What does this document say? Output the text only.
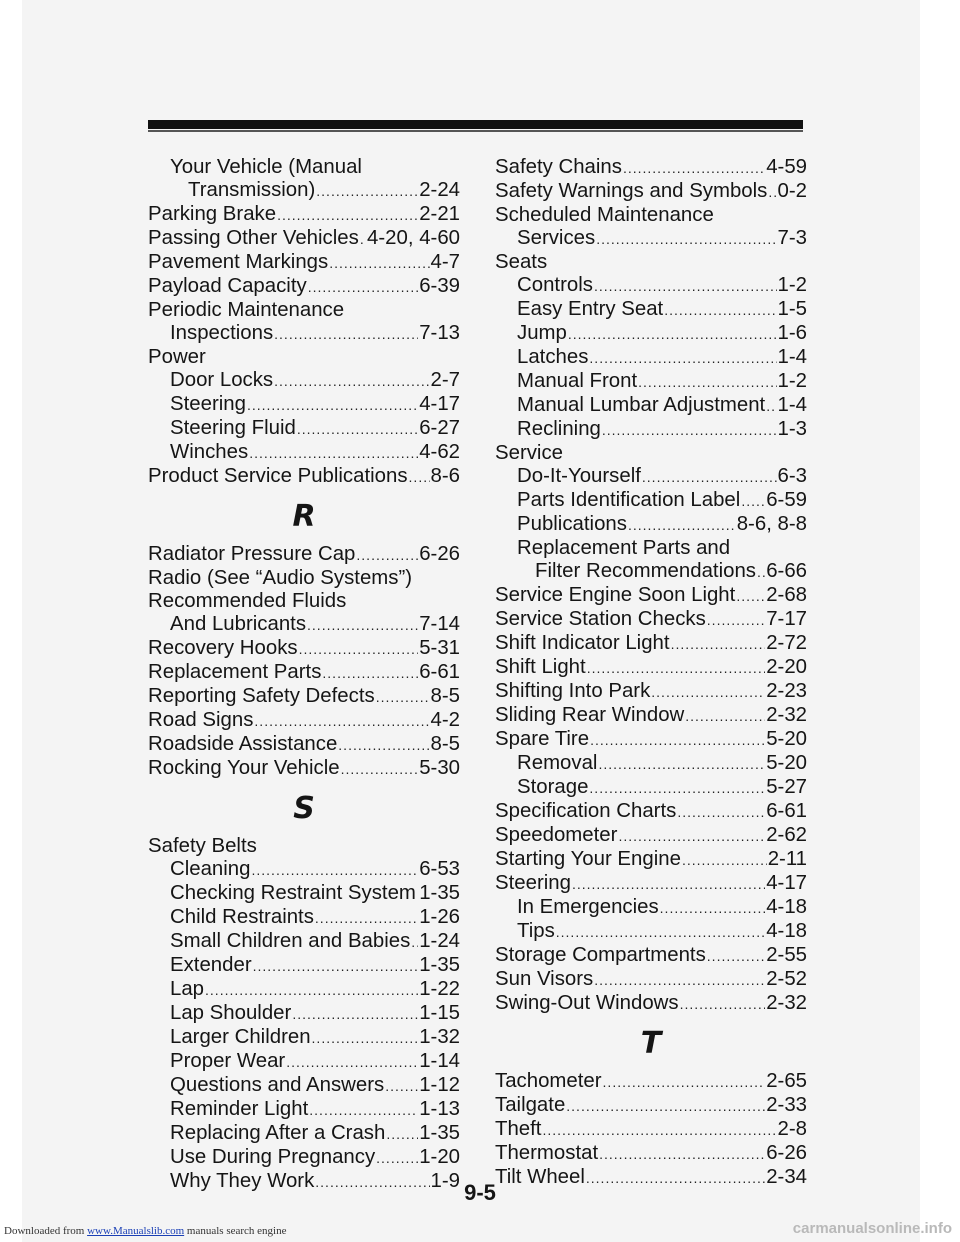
Your Vehicle (Manual
Transmission) .....	2-24
Parking Brake .....	2-21
Passing Other Vehicles ..... 4-20, 4-60
Pavement Markings .....	4-7
Payload Capacity .....	6-39
Periodic Maintenance
Inspections .....	7-13
Power
Door Locks .....	2-7
Steering .....	4-17
Steering Fluid .....	6-27
Winches .....	4-62
Product Service Publications ..... 8-6
R
Radiator Pressure Cap .....	6-26
Radio (See “Audio Systems”)
Recommended Fluids
And Lubricants .....	7-14
Recovery Hooks .....	5-31
Replacement Parts .....	6-61
Reporting Safety Defects .....	8-5
Road Signs .....	4-2
Roadside Assistance .....	8-5
Rocking Your Vehicle .....	5-30
S
Safety Belts
Cleaning .....	6-53
Checking Restraint System ..... 1-35
Child Restraints .....	1-26
Small Children and Babies ..... 1-24
Extender .....	1-35
Lap .....	1-22
Lap Shoulder .....	1-15
Larger Children .....	1-32
Proper Wear .....	1-14
Questions and Answers ..... 1-12
Reminder Light .....	1-13
Replacing After a Crash ..... 1-35
Use During Pregnancy ..... 1-20
Why They Work .....	1-9
Safety Chains .....	4-59
Safety Warnings and Symbols ..... 0-2
Scheduled Maintenance
Services .....	7-3
Seats
Controls .....	1-2
Easy Entry Seat .....	1-5
Jump .....	1-6
Latches .....	1-4
Manual Front .....	1-2
Manual Lumbar Adjustment ..... 1-4
Reclining .....	1-3
Service
Do-It-Yourself .....	6-3
Parts Identification Label ..... 6-59
Publications .....	8-6, 8-8
Replacement Parts and
Filter Recommendations ..... 6-66
Service Engine Soon Light ..... 2-68
Service Station Checks .....	7-17
Shift Indicator Light .....	2-72
Shift Light .....	2-20
Shifting Into Park .....	2-23
Sliding Rear Window .....	2-32
Spare Tire .....	5-20
Removal .....	5-20
Storage .....	5-27
Specification Charts .....	6-61
Speedometer .....	2-62
Starting Your Engine .....	2-11
Steering .....	4-17
In Emergencies .....	4-18
Tips .....	4-18
Storage Compartments .....	2-55
Sun Visors .....	2-52
Swing-Out Windows .....	2-32
T
Tachometer .....	2-65
Tailgate .....	2-33
Theft .....	2-8
Thermostat .....	6-26
Tilt Wheel .....	2-34
9-5
Downloaded from www.Manualslib.com manuals search engine	carmanualsonline.info
